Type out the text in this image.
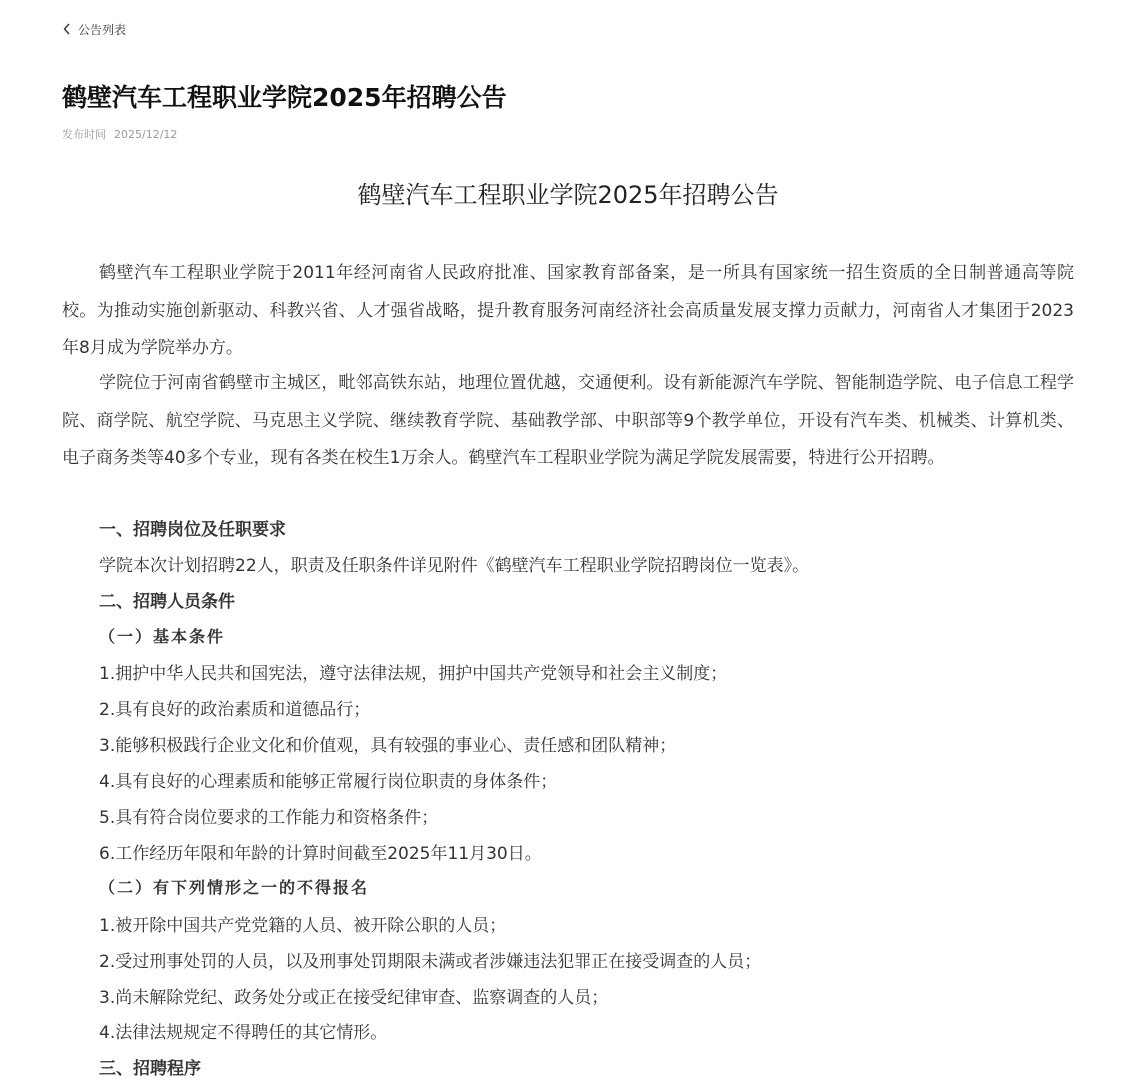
公告列表
鹤壁汽车工程职业学院2025年招聘公告
发布时间 2025/12/12
鹤壁汽车工程职业学院2025年招聘公告

鹤壁汽车工程职业学院于2011年经河南省人民政府批准、国家教育部备案，是一所具有国家统一招生资质的全日制普通高等院校。为推动实施创新驱动、科教兴省、人才强省战略，提升教育服务河南经济社会高质量发展支撑力贡献力，河南省人才集团于2023年8月成为学院举办方。

学院位于河南省鹤壁市主城区，毗邻高铁东站，地理位置优越，交通便利。设有新能源汽车学院、智能制造学院、电子信息工程学院、商学院、航空学院、马克思主义学院、继续教育学院、基础教学部、中职部等9个教学单位，开设有汽车类、机械类、计算机类、电子商务类等40多个专业，现有各类在校生1万余人。鹤壁汽车工程职业学院为满足学院发展需要，特进行公开招聘。

一、招聘岗位及任职要求

学院本次计划招聘22人，职责及任职条件详见附件《鹤壁汽车工程职业学院招聘岗位一览表》。

二、招聘人员条件

（一）基本条件

1.拥护中华人民共和国宪法，遵守法律法规，拥护中国共产党领导和社会主义制度；

2.具有良好的政治素质和道德品行；

3.能够积极践行企业文化和价值观，具有较强的事业心、责任感和团队精神；

4.具有良好的心理素质和能够正常履行岗位职责的身体条件；

5.具有符合岗位要求的工作能力和资格条件；

6.工作经历年限和年龄的计算时间截至2025年11月30日。

（二）有下列情形之一的不得报名

1.被开除中国共产党党籍的人员、被开除公职的人员；

2.受过刑事处罚的人员，以及刑事处罚期限未满或者涉嫌违法犯罪正在接受调查的人员；

3.尚未解除党纪、政务处分或正在接受纪律审查、监察调查的人员；

4.法律法规规定不得聘任的其它情形。

三、招聘程序
